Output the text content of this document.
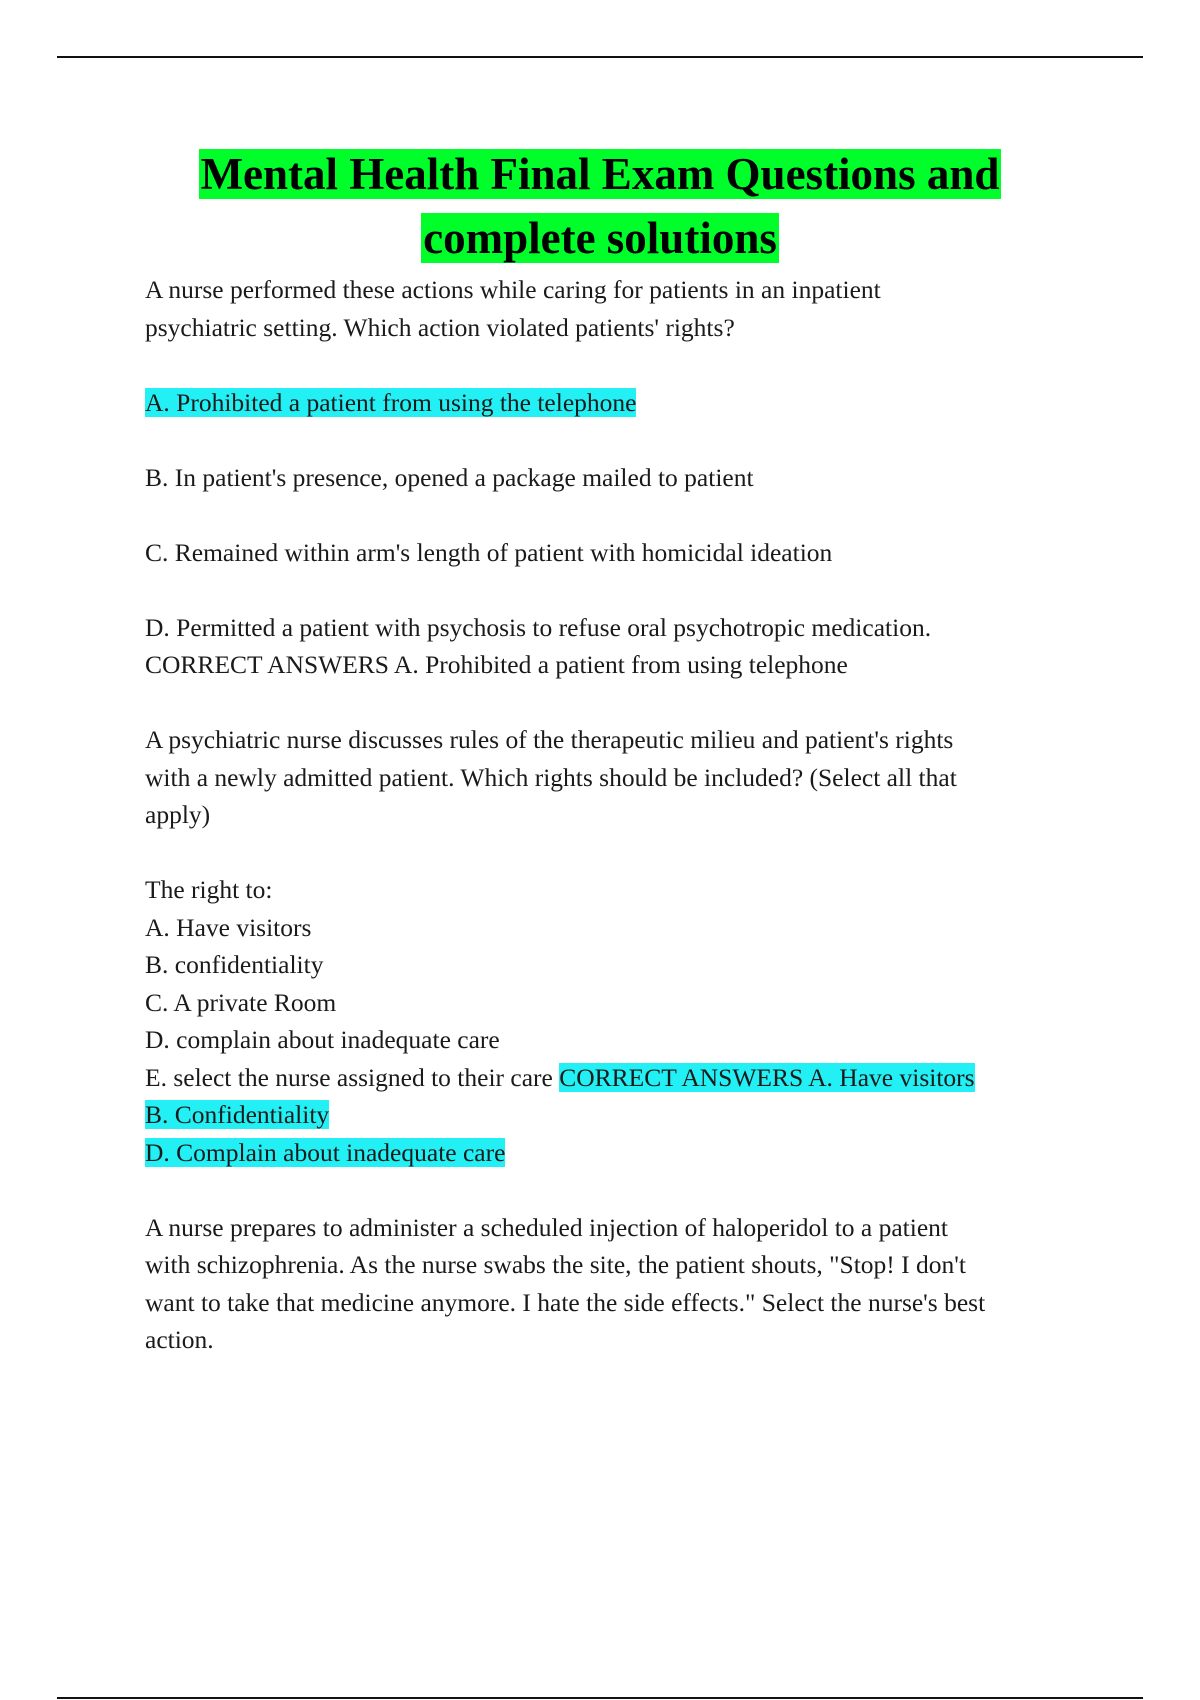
Mental Health Final Exam Questions and
complete solutions

A nurse performed these actions while caring for patients in an inpatient

psychiatric setting. Which action violated patients' rights?

A. Prohibited a patient from using the telephone

B. In patient's presence, opened a package mailed to patient

C. Remained within arm's length of patient with homicidal ideation

D. Permitted a patient with psychosis to refuse oral psychotropic medication.

CORRECT ANSWERS A. Prohibited a patient from using telephone

A psychiatric nurse discusses rules of the therapeutic milieu and patient's rights

with a newly admitted patient. Which rights should be included? (Select all that

apply)

The right to:

A. Have visitors

B. confidentiality

C. A private Room

D. complain about inadequate care

E. select the nurse assigned to their care CORRECT ANSWERS A. Have visitors

B. Confidentiality

D. Complain about inadequate care

A nurse prepares to administer a scheduled injection of haloperidol to a patient

with schizophrenia. As the nurse swabs the site, the patient shouts, "Stop! I don't

want to take that medicine anymore. I hate the side effects." Select the nurse's best

action.
